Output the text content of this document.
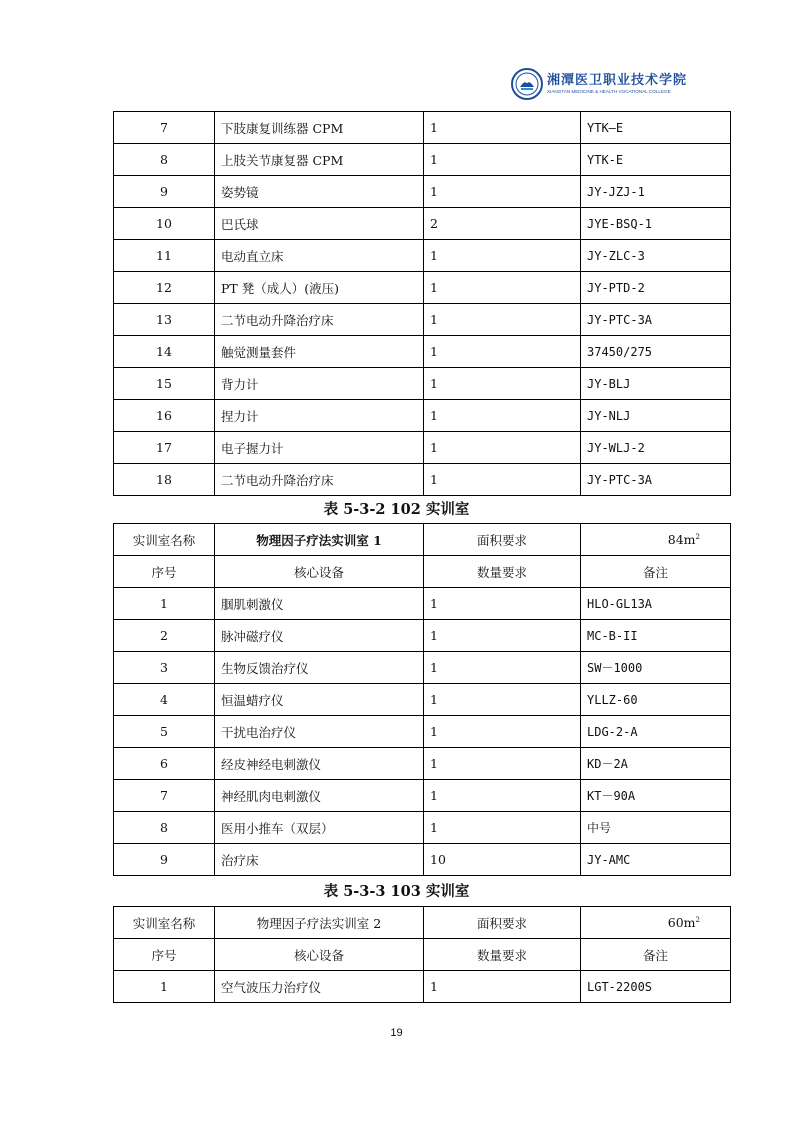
湘潭医卫职业技术学院
XIANGTAN MEDICINE & HEALTH VOCATIONAL COLLEGE
7	下肢康复训练器 CPM	1	YTK—E
8	上肢关节康复器 CPM	1	YTK-E
9	姿势镜	1	JY-JZJ-1
10	巴氏球	2	JYE-BSQ-1
11	电动直立床	1	JY-ZLC-3
12	PT 凳（成人）(液压)	1	JY-PTD-2
13	二节电动升降治疗床	1	JY-PTC-3A
14	触觉测量套件	1	37450/275
15	背力计	1	JY-BLJ
16	捏力计	1	JY-NLJ
17	电子握力计	1	JY-WLJ-2
18	二节电动升降治疗床	1	JY-PTC-3A
表 5-3-2 102 实训室
实训室名称	物理因子疗法实训室 1	面积要求	$84m^2$
序号	核心设备	数量要求	备注
1	腘肌刺激仪	1	HLO-GL13A
2	脉冲磁疗仪	1	MC-B-II
3	生物反馈治疗仪	1	SW－1000
4	恒温蜡疗仪	1	YLLZ-60
5	干扰电治疗仪	1	LDG-2-A
6	经皮神经电刺激仪	1	KD－2A
7	神经肌肉电刺激仪	1	KT－90A
8	医用小推车（双层）	1	中号
9	治疗床	10	JY-AMC
表 5-3-3 103 实训室
实训室名称	物理因子疗法实训室 2	面积要求	$60m^2$
序号	核心设备	数量要求	备注
1	空气波压力治疗仪	1	LGT-2200S
19
